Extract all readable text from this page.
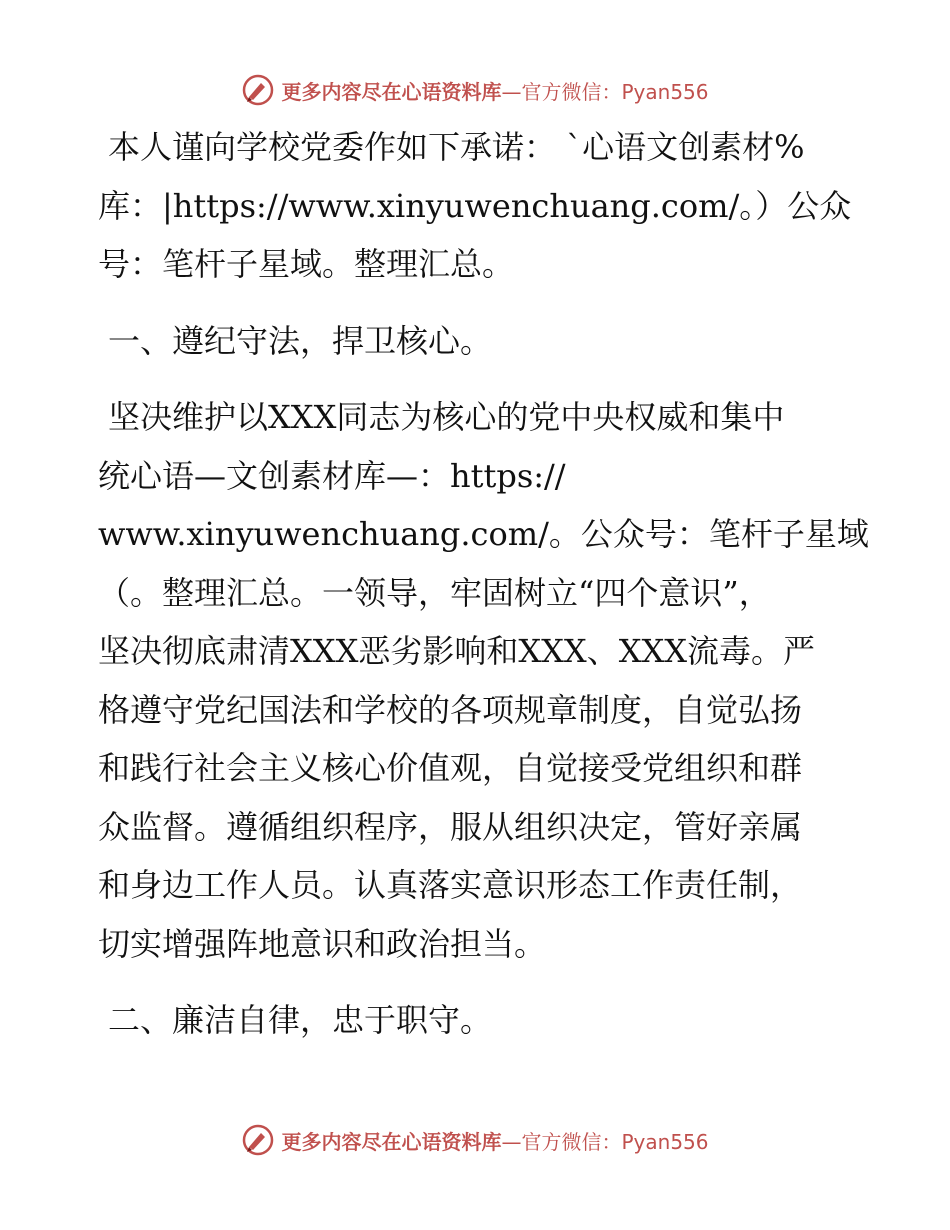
更多内容尽在心语资料库—官方微信：Pyan556
本人谨向学校党委作如下承诺： `心语文创素材%
库：|https://www.xinyuwenchuang.com/。）公众
号：笔杆子星域。整理汇总。
一、遵纪守法，捍卫核心。
坚决维护以XXX同志为核心的党中央权威和集中
统心语—文创素材库—：https://
www.xinyuwenchuang.com/。公众号：笔杆子星域
（。整理汇总。一领导，牢固树立“四个意识”，
坚决彻底肃清XXX恶劣影响和XXX、XXX流毒。严
格遵守党纪国法和学校的各项规章制度，自觉弘扬
和践行社会主义核心价值观，自觉接受党组织和群
众监督。遵循组织程序，服从组织决定，管好亲属
和身边工作人员。认真落实意识形态工作责任制，
切实增强阵地意识和政治担当。
二、廉洁自律，忠于职守。
更多内容尽在心语资料库—官方微信：Pyan556
